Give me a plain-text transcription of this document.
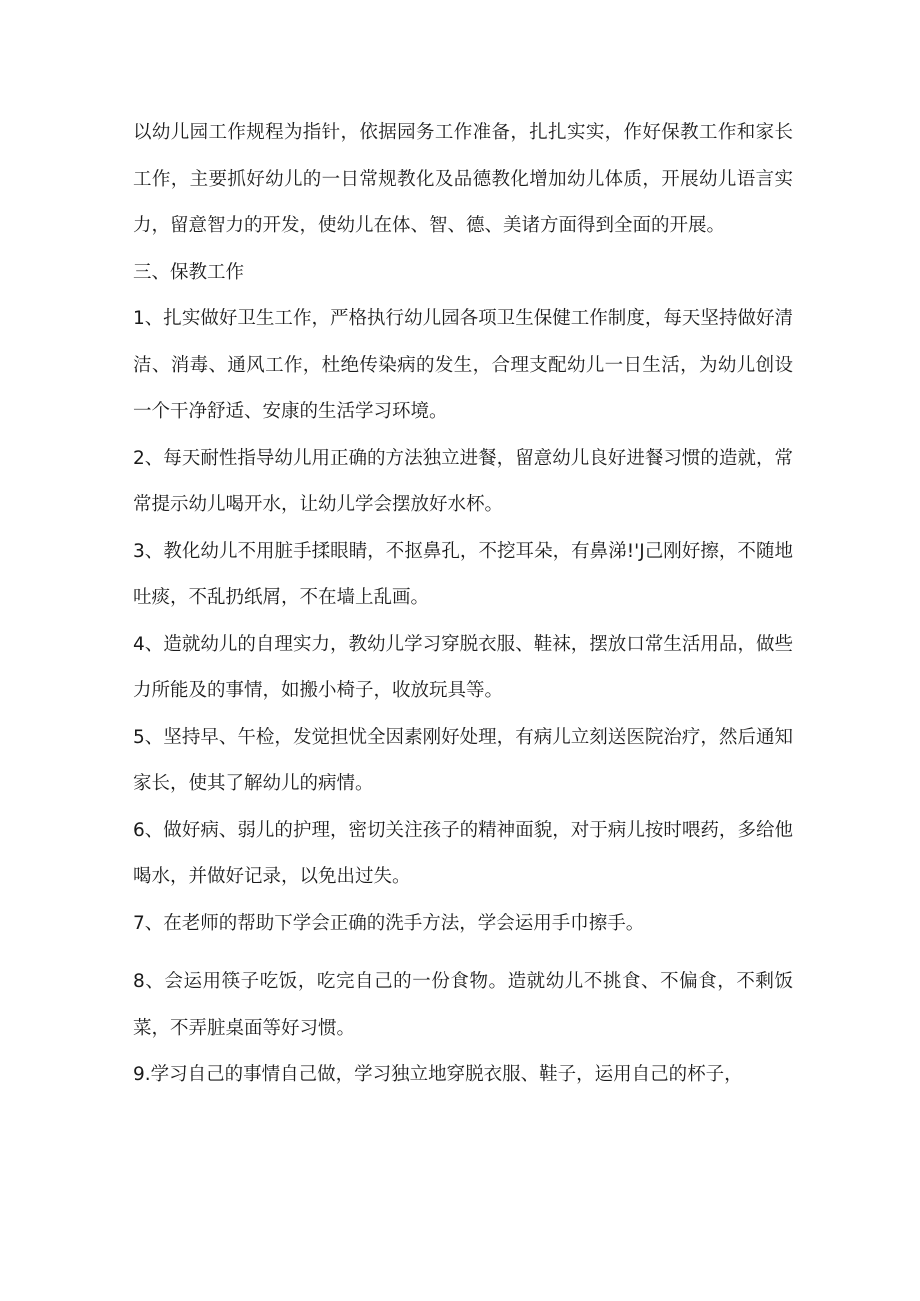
以幼儿园工作规程为指针，依据园务工作准备，扎扎实实，作好保教工作和家长工作，主要抓好幼儿的一日常规教化及品德教化增加幼儿体质，开展幼儿语言实力，留意智力的开发，使幼儿在体、智、德、美诸方面得到全面的开展。

三、保教工作

1、扎实做好卫生工作，严格执行幼儿园各项卫生保健工作制度，每天坚持做好清洁、消毒、通风工作，杜绝传染病的发生，合理支配幼儿一日生活，为幼儿创设一个干净舒适、安康的生活学习环境。

2、每天耐性指导幼儿用正确的方法独立进餐，留意幼儿良好进餐习惯的造就，常常提示幼儿喝开水，让幼儿学会摆放好水杯。

3、教化幼儿不用脏手揉眼睛，不抠鼻孔，不挖耳朵，有鼻涕!'J己刚好擦，不随地吐痰，不乱扔纸屑，不在墙上乱画。

4、造就幼儿的自理实力，教幼儿学习穿脱衣服、鞋袜，摆放口常生活用品，做些力所能及的事情，如搬小椅子，收放玩具等。

5、坚持早、午检，发觉担忧全因素刚好处理，有病儿立刻送医院治疗，然后通知家长，使其了解幼儿的病情。

6、做好病、弱儿的护理，密切关注孩子的精神面貌，对于病儿按时喂药，多给他喝水，并做好记录，以免出过失。

7、在老师的帮助下学会正确的洗手方法，学会运用手巾擦手。

8、会运用筷子吃饭，吃完自己的一份食物。造就幼儿不挑食、不偏食，不剩饭菜，不弄脏桌面等好习惯。

9.学习自己的事情自己做，学习独立地穿脱衣服、鞋子，运用自己的杯子，
